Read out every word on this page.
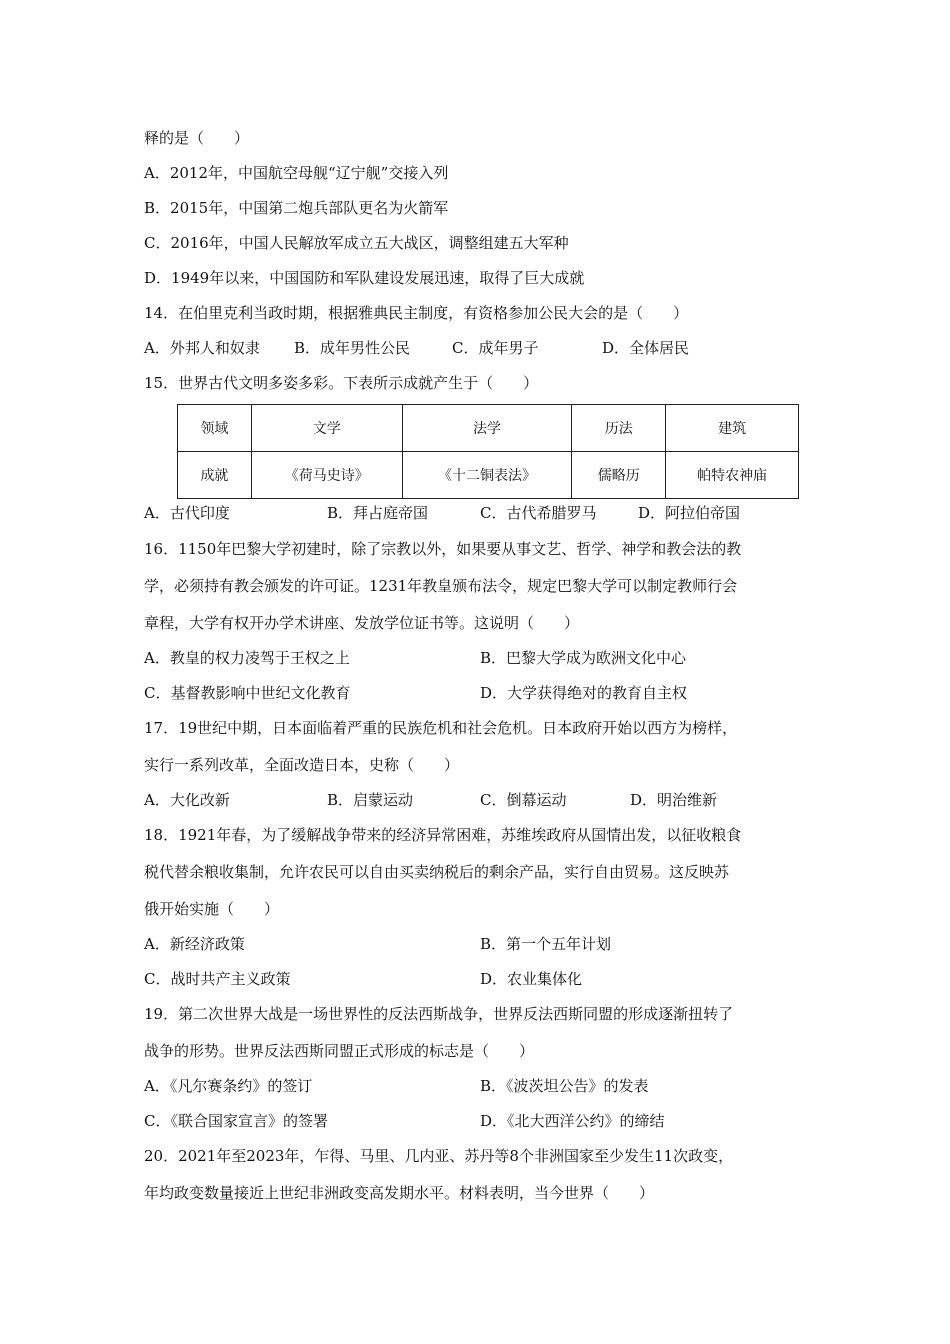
释的是（　　）
A．2012年，中国航空母舰“辽宁舰”交接入列
B．2015年，中国第二炮兵部队更名为火箭军
C．2016年，中国人民解放军成立五大战区，调整组建五大军种
D．1949年以来，中国国防和军队建设发展迅速，取得了巨大成就
14．在伯里克利当政时期，根据雅典民主制度，有资格参加公民大会的是（　　）
A．外邦人和奴隶 B．成年男性公民	C．成年男子	D．全体居民
15．世界古代文明多姿多彩。下表所示成就产生于（　　）
领域	文学	法学	历法	建筑
成就	《荷马史诗》	《十二铜表法》	儒略历	帕特农神庙
A．古代印度	B．拜占庭帝国	C．古代希腊罗马	D．阿拉伯帝国
16．1150年巴黎大学初建时，除了宗教以外，如果要从事文艺、哲学、神学和教会法的教
学，必须持有教会颁发的许可证。1231年教皇颁布法令，规定巴黎大学可以制定教师行会
章程，大学有权开办学术讲座、发放学位证书等。这说明（　　）
A．教皇的权力凌驾于王权之上	B．巴黎大学成为欧洲文化中心
C．基督教影响中世纪文化教育	D．大学获得绝对的教育自主权
17．19世纪中期，日本面临着严重的民族危机和社会危机。日本政府开始以西方为榜样，
实行一系列改革，全面改造日本，史称（　　）
A．大化改新	B．启蒙运动	C．倒幕运动	D．明治维新
18．1921年春，为了缓解战争带来的经济异常困难，苏维埃政府从国情出发，以征收粮食
税代替余粮收集制，允许农民可以自由买卖纳税后的剩余产品，实行自由贸易。这反映苏
俄开始实施（　　）
A．新经济政策	B．第一个五年计划
C．战时共产主义政策	D．农业集体化
19．第二次世界大战是一场世界性的反法西斯战争，世界反法西斯同盟的形成逐渐扭转了
战争的形势。世界反法西斯同盟正式形成的标志是（　　）
A．《凡尔赛条约》的签订	B．《波茨坦公告》的发表
C．《联合国家宣言》的签署	D．《北大西洋公约》的缔结
20．2021年至2023年，乍得、马里、几内亚、苏丹等8个非洲国家至少发生11次政变，
年均政变数量接近上世纪非洲政变高发期水平。材料表明，当今世界（　　）
